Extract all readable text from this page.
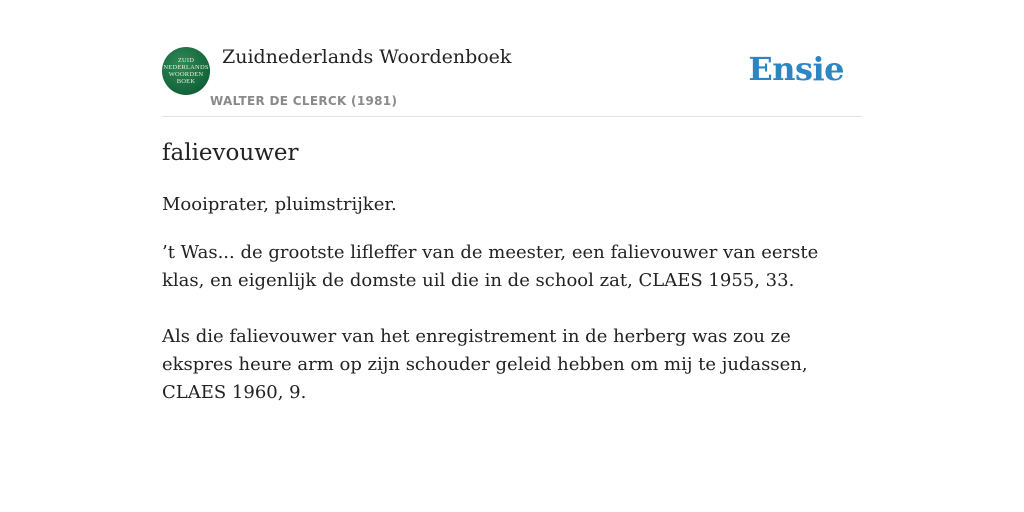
ZUID
NEDERLANDS
WOORDEN
BOEK
Zuidnederlands Woordenboek
WALTER DE CLERCK (1981)
Ensie
falievouwer

Mooiprater, pluimstrijker.

’t Was... de grootste lifleffer van de meester, een falievouwer van eerste klas, en eigenlijk de domste uil die in de school zat, CLAES 1955, 33.

Als die falievouwer van het enregistrement in de herberg was zou ze ekspres heure arm op zijn schouder geleid hebben om mij te judassen, CLAES 1960, 9.
